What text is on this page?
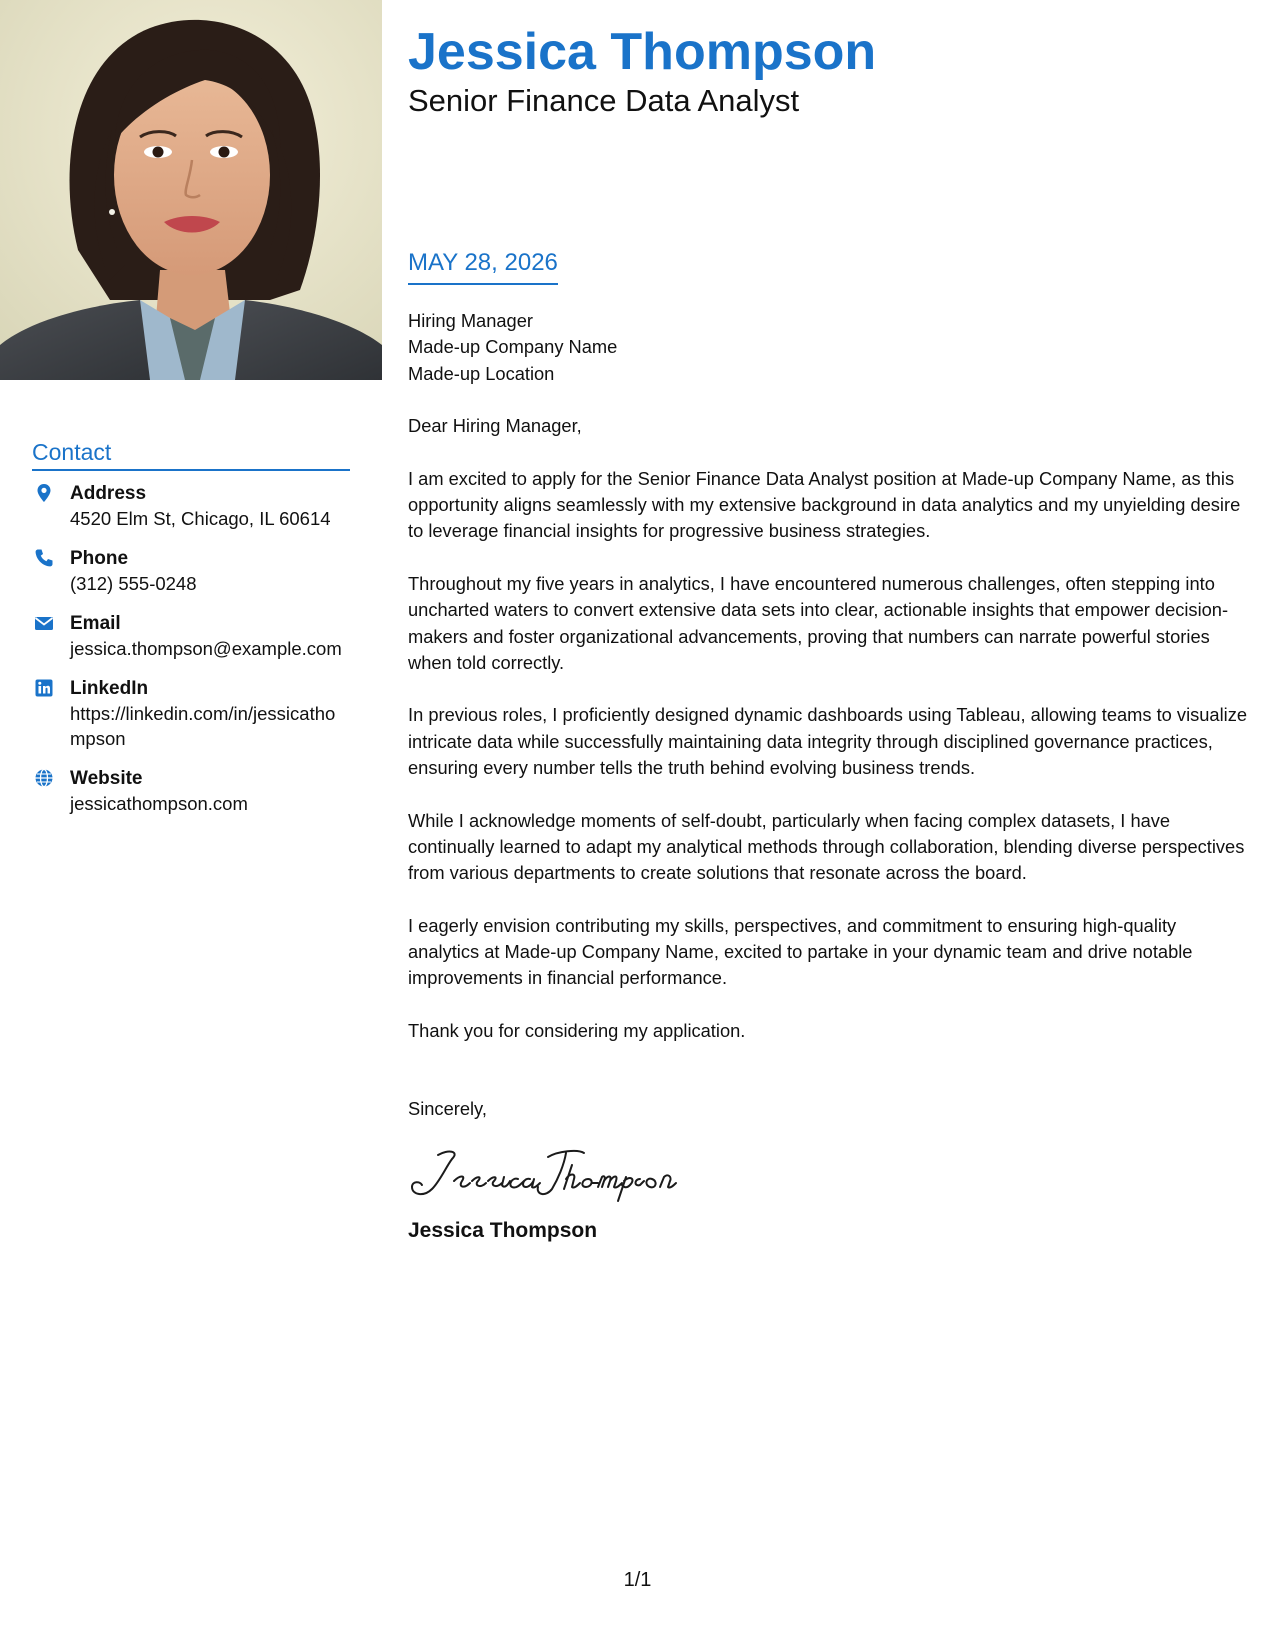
Contact
Address
4520 Elm St, Chicago, IL 60614
Phone
(312) 555-0248
Email
jessica.thompson@example.com
LinkedIn
https://linkedin.com/in/jessicathompson
Website
jessicathompson.com
Jessica Thompson
Senior Finance Data Analyst
MAY 28, 2026
Hiring Manager
Made-up Company Name
Made-up Location

Dear Hiring Manager,

I am excited to apply for the Senior Finance Data Analyst position at Made-up Company Name, as this opportunity aligns seamlessly with my extensive background in data analytics and my unyielding desire to leverage financial insights for progressive business strategies.

Throughout my five years in analytics, I have encountered numerous challenges, often stepping into uncharted waters to convert extensive data sets into clear, actionable insights that empower decision-makers and foster organizational advancements, proving that numbers can narrate powerful stories when told correctly.

In previous roles, I proficiently designed dynamic dashboards using Tableau, allowing teams to visualize intricate data while successfully maintaining data integrity through disciplined governance practices, ensuring every number tells the truth behind evolving business trends.

While I acknowledge moments of self-doubt, particularly when facing complex datasets, I have continually learned to adapt my analytical methods through collaboration, blending diverse perspectives from various departments to create solutions that resonate across the board.

I eagerly envision contributing my skills, perspectives, and commitment to ensuring high-quality analytics at Made-up Company Name, excited to partake in your dynamic team and drive notable improvements in financial performance.

Thank you for considering my application.

Sincerely,
Jessica Thompson
1/1
